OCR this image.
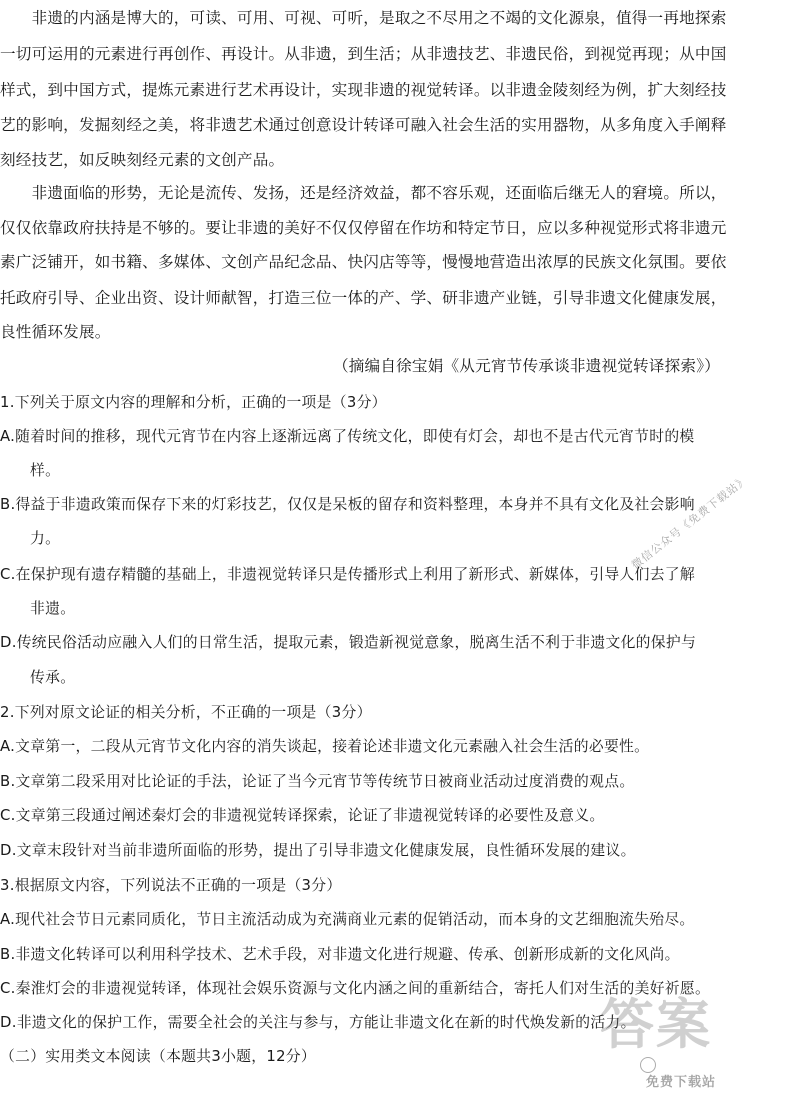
　　非遗的内涵是博大的，可读、可用、可视、可听，是取之不尽用之不竭的文化源泉，值得一再地探索
一切可运用的元素进行再创作、再设计。从非遗，到生活；从非遗技艺、非遗民俗，到视觉再现；从中国
样式，到中国方式，提炼元素进行艺术再设计，实现非遗的视觉转译。以非遗金陵刻经为例，扩大刻经技
艺的影响，发掘刻经之美，将非遗艺术通过创意设计转译可融入社会生活的实用器物，从多角度入手阐释
刻经技艺，如反映刻经元素的文创产品。
　　非遗面临的形势，无论是流传、发扬，还是经济效益，都不容乐观，还面临后继无人的窘境。所以，
仅仅依靠政府扶持是不够的。要让非遗的美好不仅仅停留在作坊和特定节日，应以多种视觉形式将非遗元
素广泛铺开，如书籍、多媒体、文创产品纪念品、快闪店等等，慢慢地营造出浓厚的民族文化氛围。要依
托政府引导、企业出资、设计师献智，打造三位一体的产、学、研非遗产业链，引导非遗文化健康发展，
良性循环发展。
（摘编自徐宝娟《从元宵节传承谈非遗视觉转译探索》）
1.下列关于原文内容的理解和分析，正确的一项是（3分）
A.随着时间的推移，现代元宵节在内容上逐渐远离了传统文化，即使有灯会，却也不是古代元宵节时的模
样。
B.得益于非遗政策而保存下来的灯彩技艺，仅仅是呆板的留存和资料整理，本身并不具有文化及社会影响
力。
C.在保护现有遗存精髓的基础上，非遗视觉转译只是传播形式上利用了新形式、新媒体，引导人们去了解
非遗。
D.传统民俗活动应融入人们的日常生活，提取元素，锻造新视觉意象，脱离生活不利于非遗文化的保护与
传承。
2.下列对原文论证的相关分析，不正确的一项是（3分）
A.文章第一，二段从元宵节文化内容的消失谈起，接着论述非遗文化元素融入社会生活的必要性。
B.文章第二段采用对比论证的手法，论证了当今元宵节等传统节日被商业活动过度消费的观点。
C.文章第三段通过阐述秦灯会的非遗视觉转译探索，论证了非遗视觉转译的必要性及意义。
D.文章末段针对当前非遗所面临的形势，提出了引导非遗文化健康发展，良性循环发展的建议。
3.根据原文内容，下列说法不正确的一项是（3分）
A.现代社会节日元素同质化，节日主流活动成为充满商业元素的促销活动，而本身的文艺细胞流失殆尽。
B.非遗文化转译可以利用科学技术、艺术手段，对非遗文化进行规避、传承、创新形成新的文化风尚。
C.秦淮灯会的非遗视觉转译，体现社会娱乐资源与文化内涵之间的重新结合，寄托人们对生活的美好祈愿。
D.非遗文化的保护工作，需要全社会的关注与参与，方能让非遗文化在新的时代焕发新的活力。
（二）实用类文本阅读（本题共3小题，12分）
微信公众号《免费下载站》
答案
免费下载站
